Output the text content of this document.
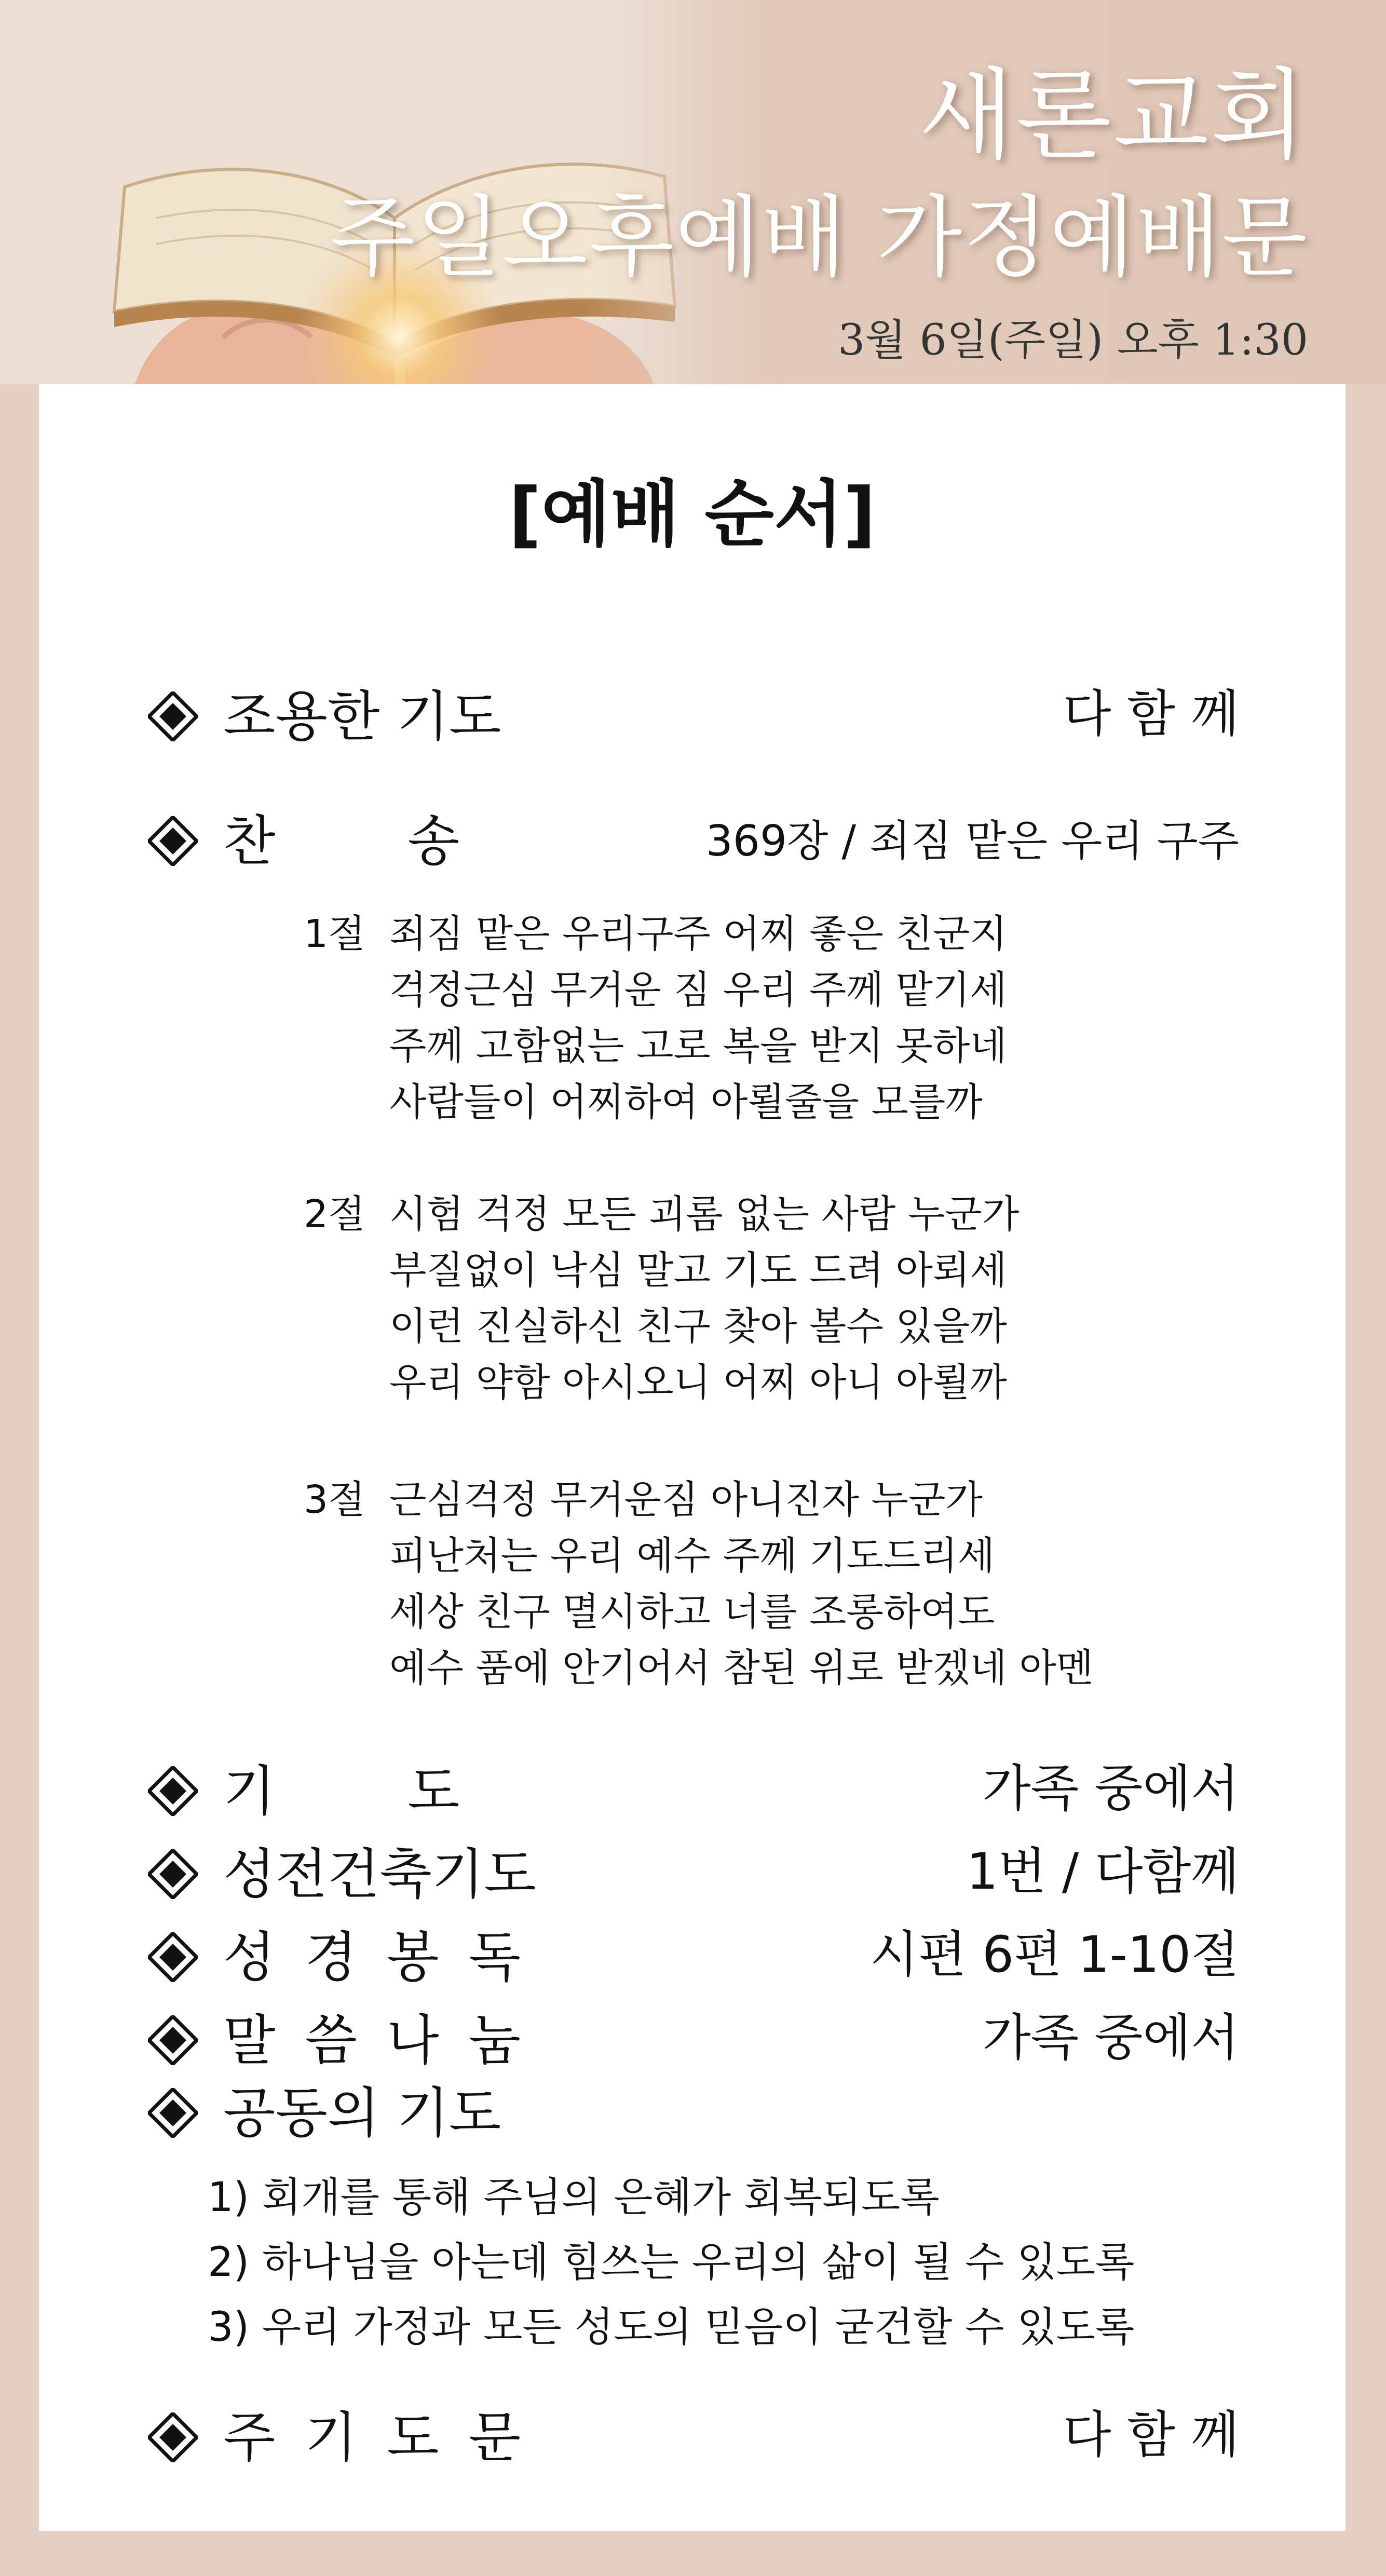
새론교회
주일오후예배 가정예배문
3월 6일(주일) 오후 1:30
[예배 순서]
조용한 기도	다 함 께
찬 송	369장 / 죄짐 맡은 우리 구주
1절 죄짐 맡은 우리구주 어찌 좋은 친군지
걱정근심 무거운 짐 우리 주께 맡기세
주께 고함없는 고로 복을 받지 못하네
사람들이 어찌하여 아뢸줄을 모를까
2절 시험 걱정 모든 괴롬 없는 사람 누군가
부질없이 낙심 말고 기도 드려 아뢰세
이런 진실하신 친구 찾아 볼수 있을까
우리 약함 아시오니 어찌 아니 아뢸까
3절 근심걱정 무거운짐 아니진자 누군가
피난처는 우리 예수 주께 기도드리세
세상 친구 멸시하고 너를 조롱하여도
예수 품에 안기어서 참된 위로 받겠네 아멘
기 도	가족 중에서
성전건축기도	1번 / 다함께
성 경 봉 독	시편 6편 1-10절
말 씀 나 눔	가족 중에서
공동의 기도
1) 회개를 통해 주님의 은혜가 회복되도록
2) 하나님을 아는데 힘쓰는 우리의 삶이 될 수 있도록
3) 우리 가정과 모든 성도의 믿음이 굳건할 수 있도록
주 기 도 문	다 함 께
